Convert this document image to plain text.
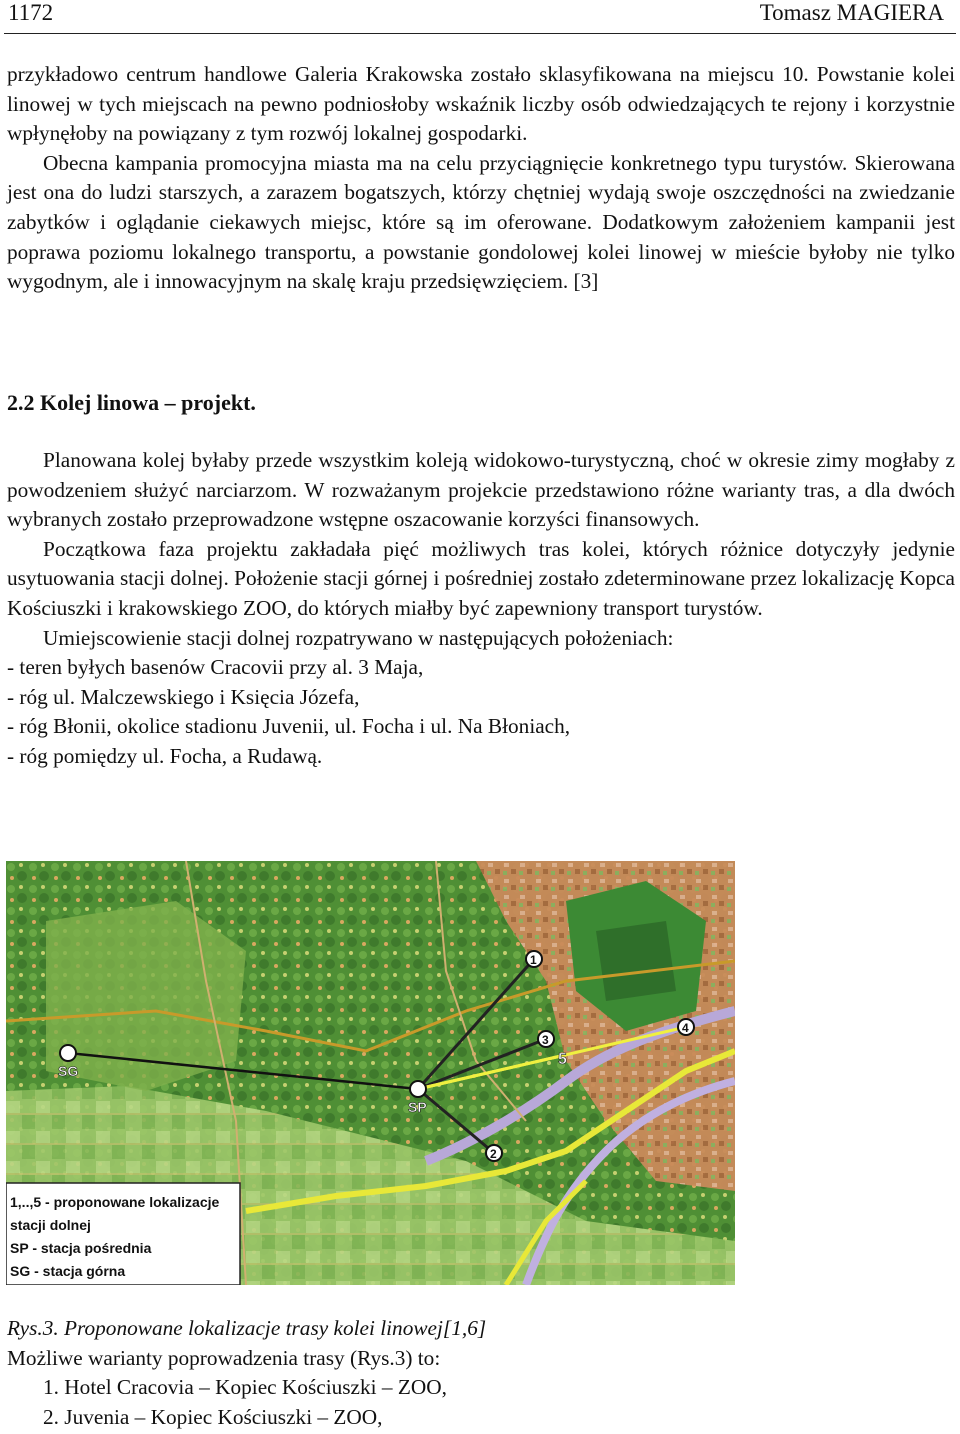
1172	Tomasz MAGIERA

przykładowo centrum handlowe Galeria Krakowska zostało sklasyfikowana na miejscu 10. Powstanie kolei linowej w tych miejscach na pewno podniosłoby wskaźnik liczby osób odwiedzających te rejony i korzystnie wpłynęłoby na powiązany z tym rozwój lokalnej gospodarki.

Obecna kampania promocyjna miasta ma na celu przyciągnięcie konkretnego typu turystów. Skierowana jest ona do ludzi starszych, a zarazem bogatszych, którzy chętniej wydają swoje oszczędności na zwiedzanie zabytków i oglądanie ciekawych miejsc, które są im oferowane. Dodatkowym założeniem kampanii jest poprawa poziomu lokalnego transportu, a powstanie gondolowej kolei linowej w mieście byłoby nie tylko wygodnym, ale i innowacyjnym na skalę kraju przedsięwzięciem. [3]

2.2 Kolej linowa – projekt.

Planowana kolej byłaby przede wszystkim koleją widokowo-turystyczną, choć w okresie zimy mogłaby z powodzeniem służyć narciarzom. W rozważanym projekcie przedstawiono różne warianty tras, a dla dwóch wybranych zostało przeprowadzone wstępne oszacowanie korzyści finansowych.

Początkowa faza projektu zakładała pięć możliwych tras kolei, których różnice dotyczyły jedynie usytuowania stacji dolnej. Położenie stacji górnej i pośredniej zostało zdeterminowane przez lokalizację Kopca Kościuszki i krakowskiego ZOO, do których miałby być zapewniony transport turystów.

Umiejscowienie stacji dolnej rozpatrywano w następujących położeniach:

- teren byłych basenów Cracovii przy al. 3 Maja,

- róg ul. Malczewskiego i Księcia Józefa,

- róg Błonii, okolice stadionu Juvenii, ul. Focha i ul. Na Błoniach,

- róg pomiędzy ul. Focha, a Rudawą.

SG
SP
1
2
3
4
5
1,..,5 - proponowane lokalizacje
stacji dolnej
SP - stacja pośrednia
SG - stacja górna

Rys.3. Proponowane lokalizacje trasy kolei linowej[1,6]

Możliwe warianty poprowadzenia trasy (Rys.3) to:

1. Hotel Cracovia – Kopiec Kościuszki – ZOO,

2. Juvenia – Kopiec Kościuszki – ZOO,
